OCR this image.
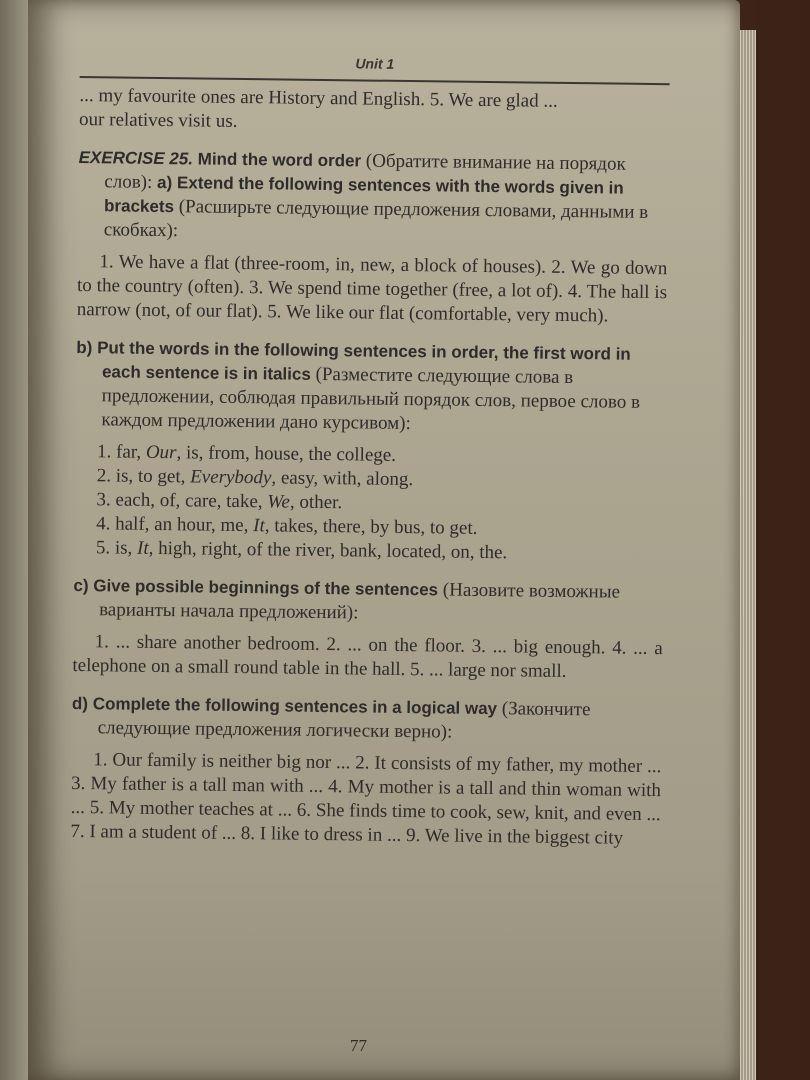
Unit 1

... my favourite ones are History and English. 5. We are glad ...

our relatives visit us.

EXERCISE 25. Mind the word order (Обратите внимание на порядок слов): a) Extend the following sentences with the words given in brackets (Расширьте следующие предложения словами, данными в скобках):

1. We have a flat (three-room, in, new, a block of houses). 2. We go down to the country (often). 3. We spend time together (free, a lot of). 4. The hall is narrow (not, of our flat). 5. We like our flat (comfortable, very much).

b) Put the words in the following sentences in order, the first word in each sentence is in italics (Разместите следующие слова в предложении, соблюдая правильный порядок слов, первое слово в каждом предложении дано курсивом):

1. far, Our, is, from, house, the college.

2. is, to get, Everybody, easy, with, along.

3. each, of, care, take, We, other.

4. half, an hour, me, It, takes, there, by bus, to get.

5. is, It, high, right, of the river, bank, located, on, the.

c) Give possible beginnings of the sentences (Назовите возможные варианты начала предложений):

1. ... share another bedroom. 2. ... on the floor. 3. ... big enough. 4. ... a telephone on a small round table in the hall. 5. ... large nor small.

d) Complete the following sentences in a logical way (Закончите следующие предложения логически верно):

1. Our family is neither big nor ... 2. It consists of my father, my mother ... 3. My father is a tall man with ... 4. My mother is a tall and thin woman with ... 5. My mother teaches at ... 6. She finds time to cook, sew, knit, and even ... 7. I am a student of ... 8. I like to dress in ... 9. We live in the biggest city

77
